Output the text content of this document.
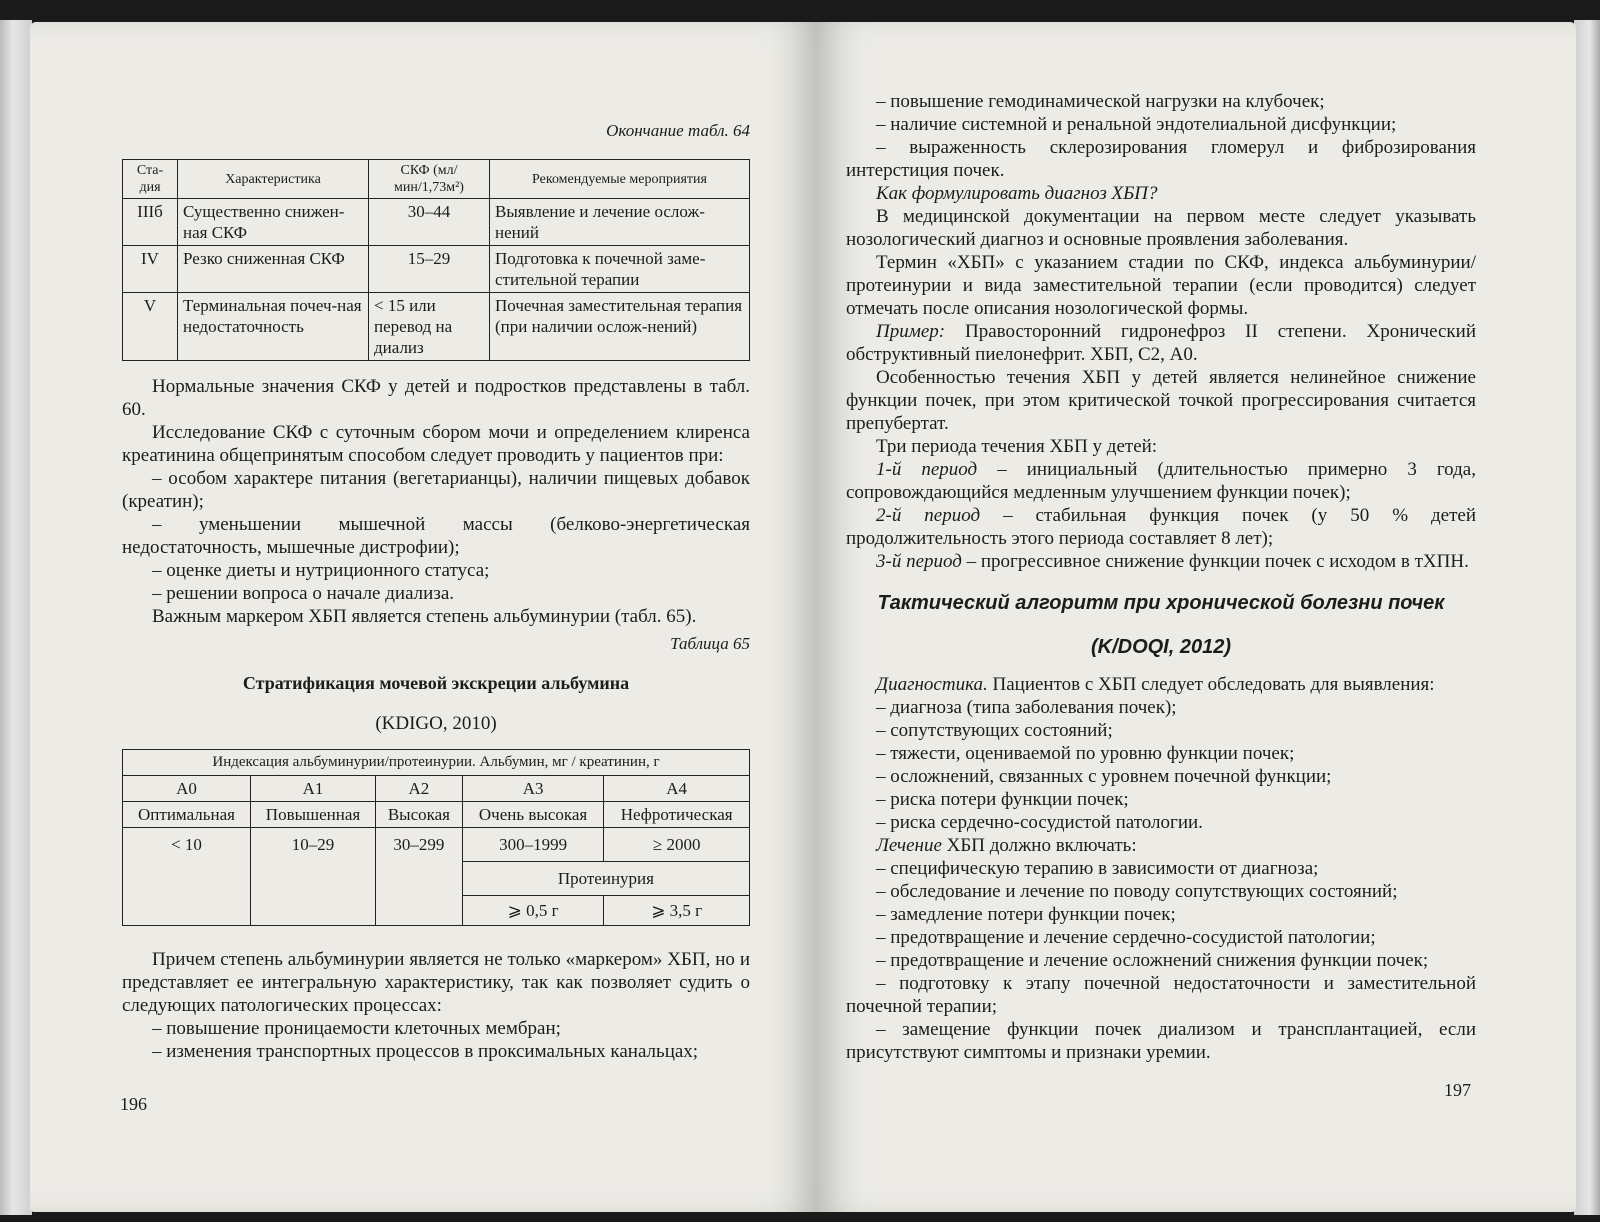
Окончание табл. 64

Ста-дия	Характеристика	СКФ (мл/мин/1,73м²)	Рекомендуемые мероприятия
IIIб	Существенно снижен-ная СКФ	30–44	Выявление и лечение ослож-нений
IV	Резко сниженная СКФ	15–29	Подготовка к почечной заме-стительной терапии
V	Терминальная почеч-ная недостаточность	< 15 или перевод на диализ	Почечная заместительная терапия (при наличии ослож-нений)

Нормальные значения СКФ у детей и подростков представлены в табл. 60.

Исследование СКФ с суточным сбором мочи и определением клиренса креатинина общепринятым способом следует проводить у пациентов при:

– особом характере питания (вегетарианцы), наличии пищевых добавок (креатин);

– уменьшении мышечной массы (белково-энергетическая недостаточность, мышечные дистрофии);

– оценке диеты и нутриционного статуса;

– решении вопроса о начале диализа.

Важным маркером ХБП является степень альбуминурии (табл. 65).

Таблица 65

Стратификация мочевой экскреции альбумина

(KDIGO, 2010)

Индексация альбуминурии/протеинурии. Альбумин, мг / креатинин, г				
A0	A1	A2	A3	A4
Оптимальная	Повышенная	Высокая	Очень высокая	Нефротическая
< 10	10–29	30–299	300–1999	≥ 2000
			Протеинурия	
			⩾ 0,5 г	⩾ 3,5 г

Причем степень альбуминурии является не только «маркером» ХБП, но и представляет ее интегральную характеристику, так как позволяет судить о следующих патологических процессах:

– повышение проницаемости клеточных мембран;

– изменения транспортных процессов в проксимальных канальцах;

196

– повышение гемодинамической нагрузки на клубочек;

– наличие системной и ренальной эндотелиальной дисфункции;

– выраженность склерозирования гломерул и фиброзирования интерстиция почек.

Как формулировать диагноз ХБП?

В медицинской документации на первом месте следует указывать нозологический диагноз и основные проявления заболевания.

Термин «ХБП» с указанием стадии по СКФ, индекса альбуминурии/протеинурии и вида заместительной терапии (если проводится) следует отмечать после описания нозологической формы.

Пример: Правосторонний гидронефроз II степени. Хронический обструктивный пиелонефрит. ХБП, С2, А0.

Особенностью течения ХБП у детей является нелинейное снижение функции почек, при этом критической точкой прогрессирования считается препубертат.

Три периода течения ХБП у детей:

1-й период – инициальный (длительностью примерно 3 года, сопровождающийся медленным улучшением функции почек);

2-й период – стабильная функция почек (у 50 % детей продолжительность этого периода составляет 8 лет);

3-й период – прогрессивное снижение функции почек с исходом в тХПН.

Тактический алгоритм при хронической болезни почек

(K/DOQI, 2012)

Диагностика. Пациентов с ХБП следует обследовать для выявления:

– диагноза (типа заболевания почек);

– сопутствующих состояний;

– тяжести, оцениваемой по уровню функции почек;

– осложнений, связанных с уровнем почечной функции;

– риска потери функции почек;

– риска сердечно-сосудистой патологии.

Лечение ХБП должно включать:

– специфическую терапию в зависимости от диагноза;

– обследование и лечение по поводу сопутствующих состояний;

– замедление потери функции почек;

– предотвращение и лечение сердечно-сосудистой патологии;

– предотвращение и лечение осложнений снижения функции почек;

– подготовку к этапу почечной недостаточности и заместительной почечной терапии;

– замещение функции почек диализом и трансплантацией, если присутствуют симптомы и признаки уремии.

197
